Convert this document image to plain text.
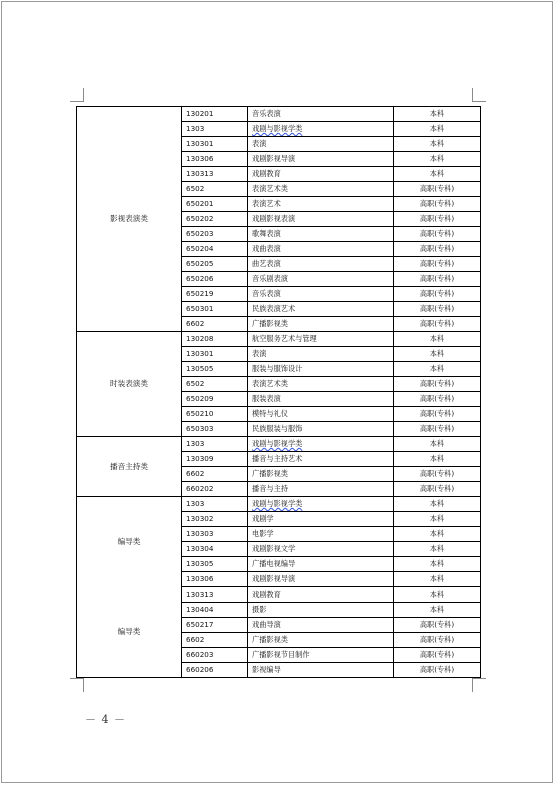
影视表演类	130201	音乐表演	本科
	1303	戏剧与影视学类	本科
	130301	表演	本科
	130306	戏剧影视导演	本科
	130313	戏剧教育	本科
	6502	表演艺术类	高职(专科)
	650201	表演艺术	高职(专科)
	650202	戏剧影视表演	高职(专科)
	650203	歌舞表演	高职(专科)
	650204	戏曲表演	高职(专科)
	650205	曲艺表演	高职(专科)
	650206	音乐剧表演	高职(专科)
	650219	音乐表演	高职(专科)
	650301	民族表演艺术	高职(专科)
	6602	广播影视类	高职(专科)
时装表演类	130208	航空服务艺术与管理	本科
	130301	表演	本科
	130505	服装与服饰设计	本科
	6502	表演艺术类	高职(专科)
	650209	服装表演	高职(专科)
	650210	模特与礼仪	高职(专科)
	650303	民族服装与服饰	高职(专科)
播音主持类	1303	戏剧与影视学类	本科
	130309	播音与主持艺术	本科
	6602	广播影视类	高职(专科)
	660202	播音与主持	高职(专科)

编导类
编导类	1303	戏剧与影视学类	本科
	130302	戏剧学	本科
	130303	电影学	本科
	130304	戏剧影视文学	本科
	130305	广播电视编导	本科
	130306	戏剧影视导演	本科
	130313	戏剧教育	本科
	130404	摄影	本科
	650217	戏曲导演	高职(专科)
	6602	广播影视类	高职(专科)
	660203	广播影视节目制作	高职(专科)
	660206	影视编导	高职(专科)
－ 4 －
